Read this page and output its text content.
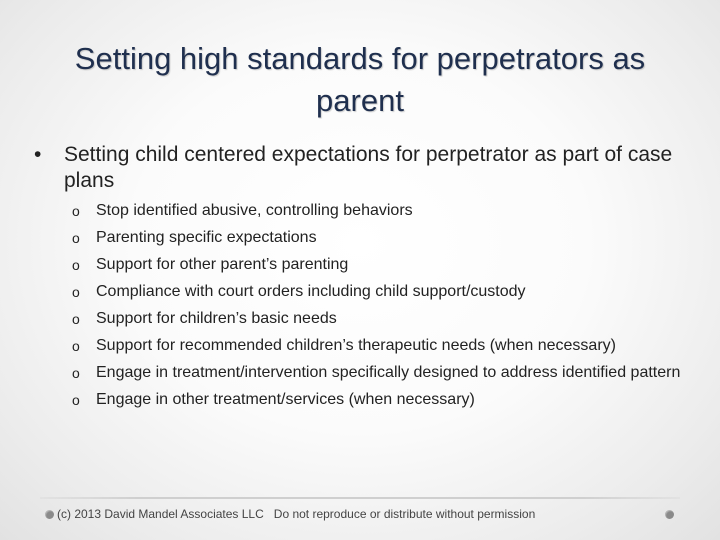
Setting high standards for perpetrators as parent
• Setting child centered expectations for perpetrator as part of case plans
o Stop identified abusive, controlling behaviors
o Parenting specific expectations
o Support for other parent’s parenting
o Compliance with court orders including child support/custody
o Support for children’s basic needs
o Support for recommended children’s therapeutic needs (when necessary)
o Engage in treatment/intervention specifically designed to address identified pattern
o Engage in other treatment/services (when necessary)
(c) 2013 David Mandel Associates LLC   Do not reproduce or distribute without permission
